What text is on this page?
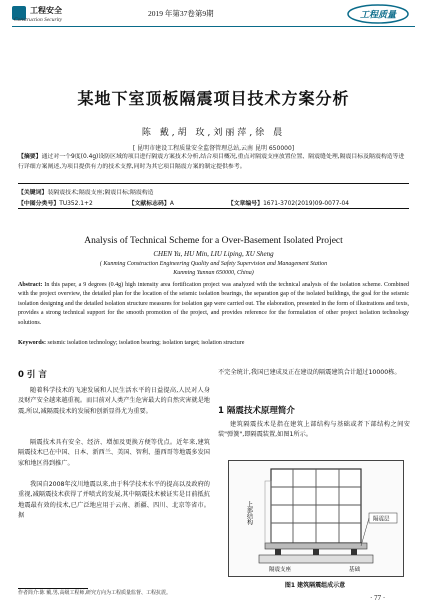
工程安全
Construction Security
2019 年第37卷第9期	工程质量
某地下室顶板隔震项目技术方案分析
陈 戴,胡 玫,刘丽萍,徐 晨
[ 昆明市建设工程质量安全监督管理总站,云南 昆明 650000]
【摘要】通过对一个9度(0.4g)设防区域的项目进行隔震方案技术分析,结合项目概况,重点对隔震支座放置位置、隔震缝处理,隔震目标及隔震构造等进行详细方案阐述,为项目提供有力的技术支撑,同时为其它项目隔震方案的制定提供参考。
【关键词】装隔震技术;隔震支座;隔震目标;隔震构造
【中图分类号】TU352.1+2	【文献标志码】A	【文章编号】1671-3702(2019)09-0077-04
Analysis of Technical Scheme for a Over-Basement Isolated Project
CHEN Yu, HU Min, LIU Liping, XU Sheng
( Kunming Construction Engineering Quality and Safety Supervision and Management Station
Kunming Yunnan 650000, China)
Abstract: In this paper, a 9 degrees (0.4g) high intensity area fortification project was analyzed with the technical analysis of the isolation scheme. Combined with the project overview, the detailed plan for the location of the seismic isolation bearings, the separation gap of the isolated buildings, the goal for the seismic isolation designing and the detailed isolation structure measures for isolation gap were carried out. The elaboration, presented in the form of illustrations and texts, provides a strong technical support for the smooth promotion of the project, and provides reference for the formulation of other project isolation technology solutions.
Keywords: seismic isolation technology; isolation bearing; isolation target; isolation structure
0 引 言
随着科学技术的飞速发展和人民生活水平的日益提高,人民对人身及财产安全越来越重视。而目前对人类产生危害最大的自然灾害就是地震,所以,减隔震技术的发展和创新显得尤为重要。
隔震技术具有安全、经济、增加及更换方便等优点。近年来,建筑隔震技术已在中国、日本、新西兰、美国、智利、墨西哥等地震多发国家和地区得到推广。
我国自2008年汶川地震以来,由于科学技术水平的提高以及政府的重视,减隔震技术获得了并喷式的发展,其中隔震技术被证实是目前抵抗地震最有效的技术,已广泛地应用于云南、新疆、四川、北京等省市。据
不完全统计,我国已建成及正在建设的隔震建筑合计超过10000栋。
1 隔震技术原理简介
建筑隔震技术是指在建筑上部结构与基础或者下部结构之间安装"弹簧",即隔震装置,如图1所示。
上部结构	隔震层
隔震支座	基础
图1 建筑隔震组成示意
作者简介:陈 戴,男,高级工程师,研究方向为工程质量监督、工程抗震。
· 77 ·
